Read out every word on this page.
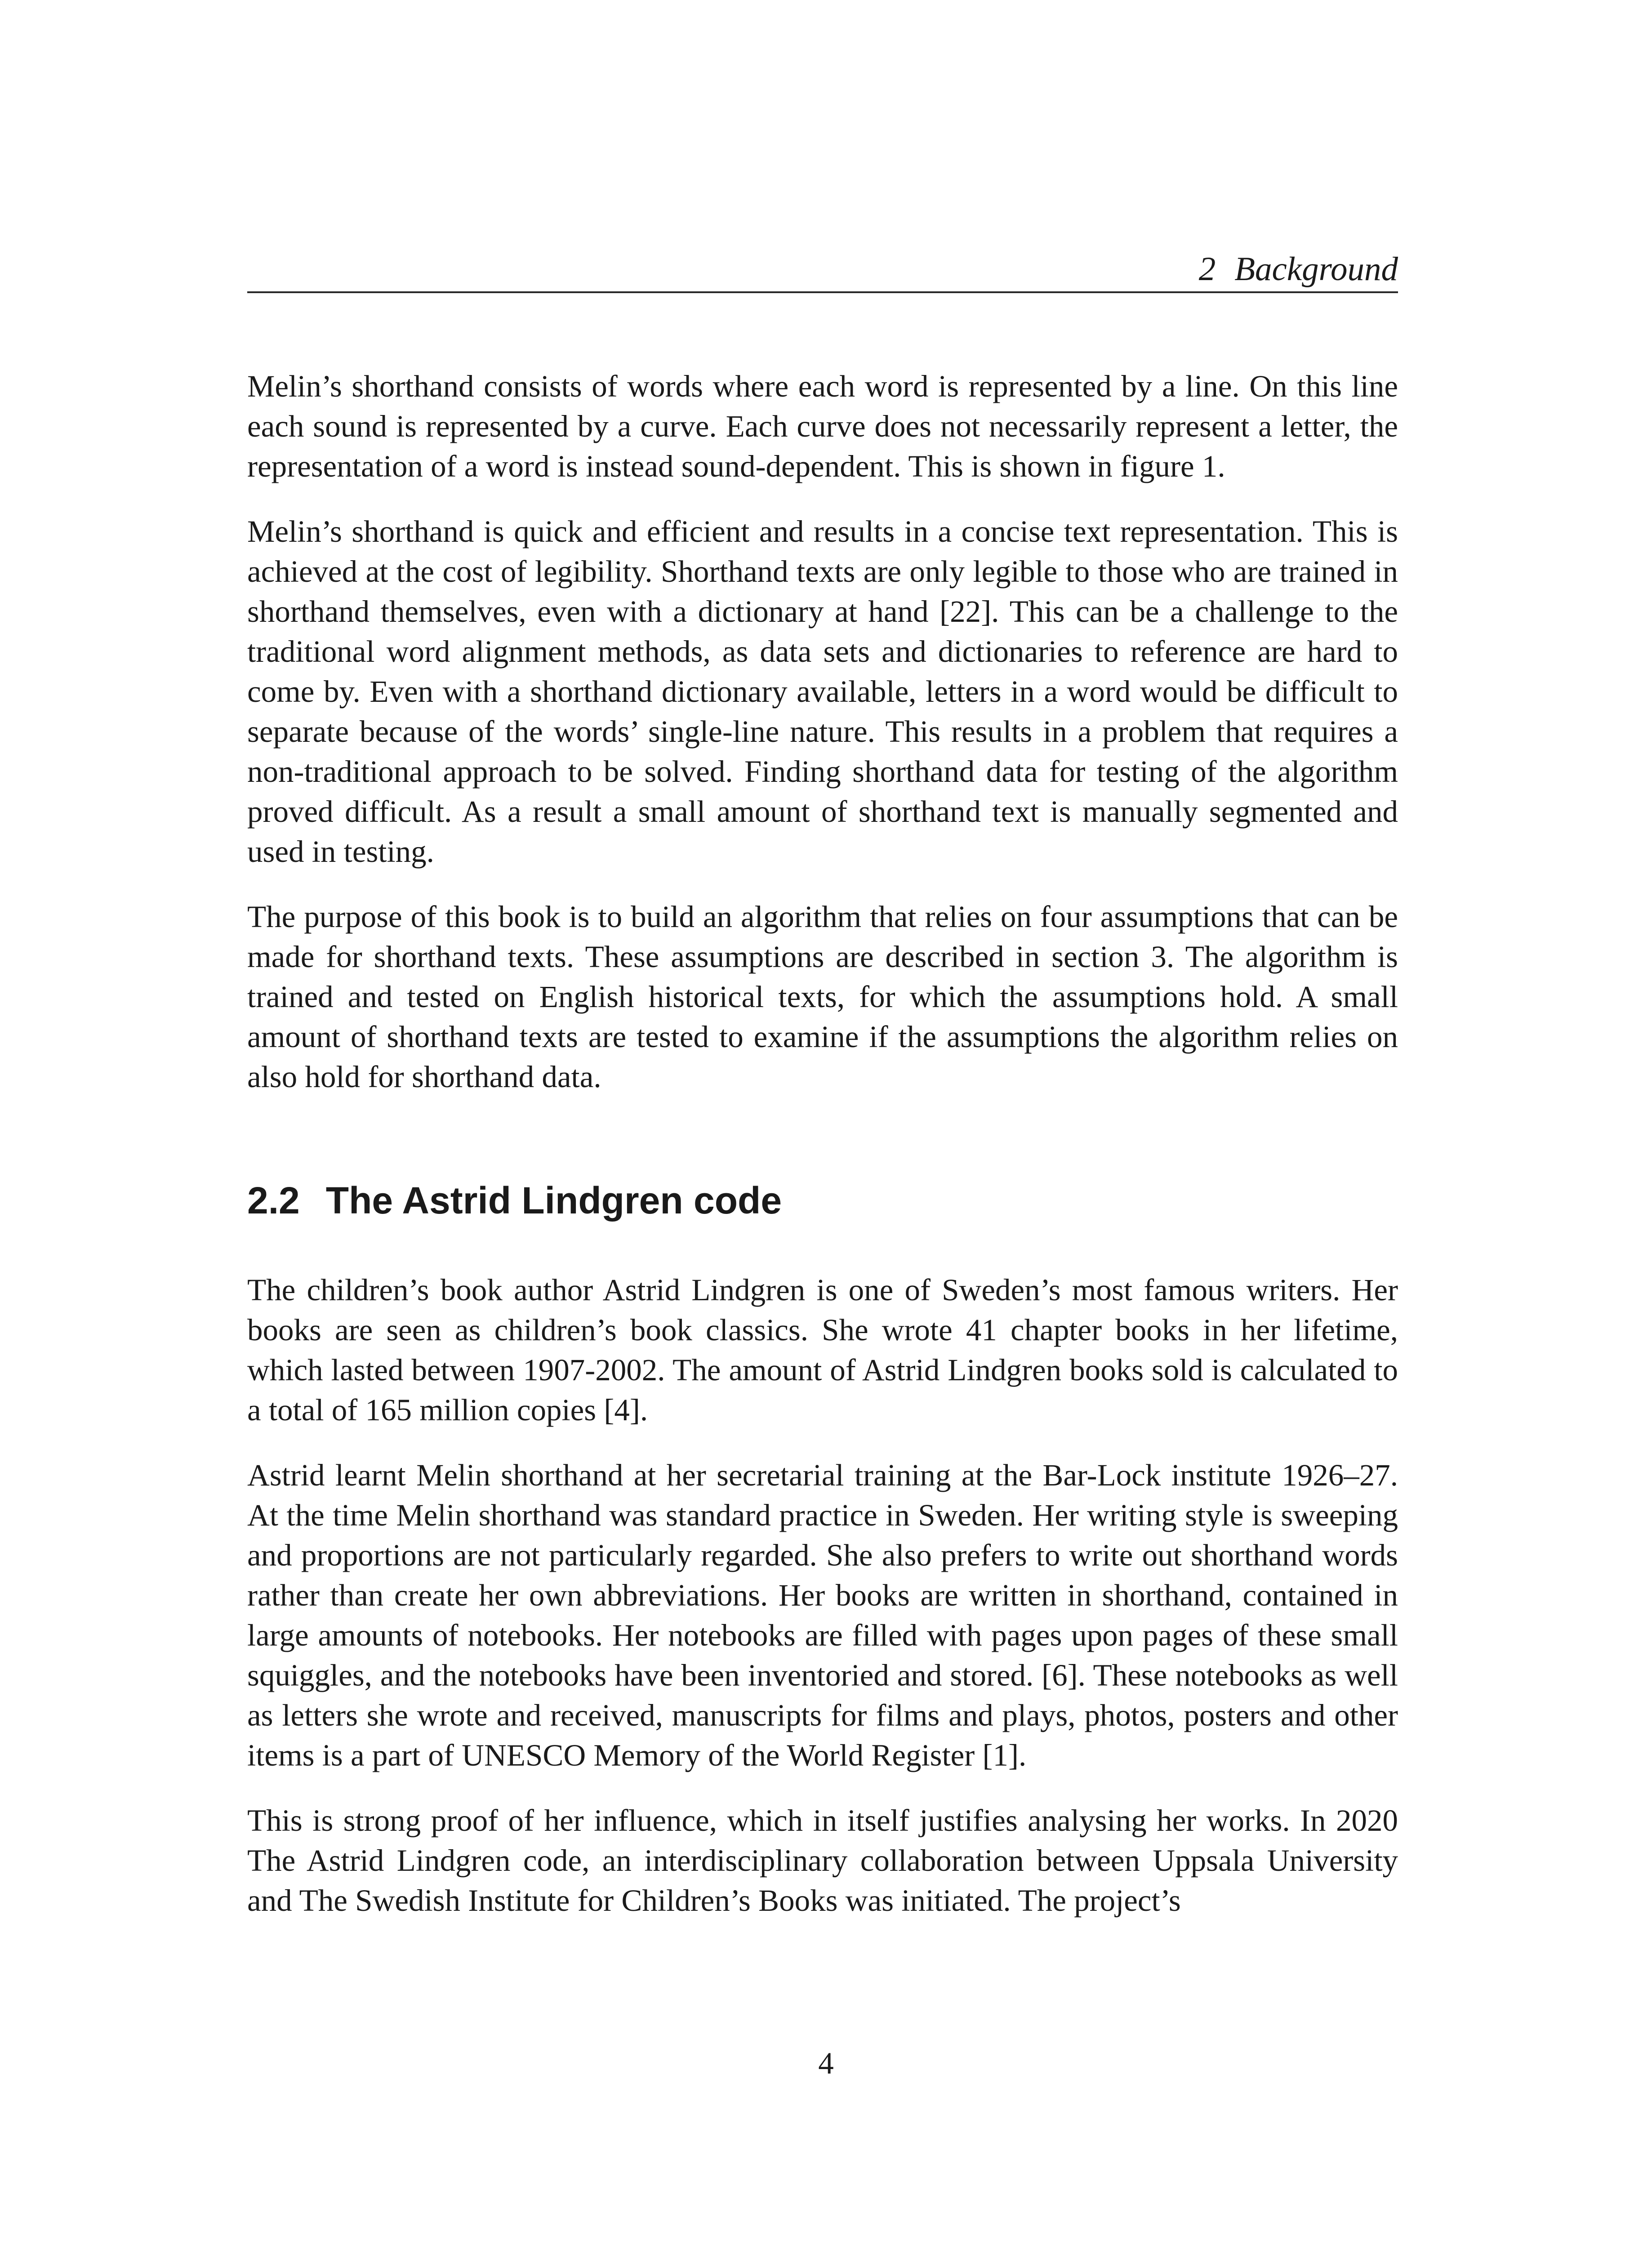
2 Background

Melin’s shorthand consists of words where each word is represented by a line. On this line each sound is represented by a curve. Each curve does not necessarily represent a letter, the representation of a word is instead sound-dependent. This is shown in figure 1.

Melin’s shorthand is quick and efficient and results in a concise text representation. This is achieved at the cost of legibility. Shorthand texts are only legible to those who are trained in shorthand themselves, even with a dictionary at hand [22]. This can be a challenge to the traditional word alignment methods, as data sets and dictionaries to reference are hard to come by. Even with a shorthand dictionary available, letters in a word would be difficult to separate because of the words’ single-line nature. This results in a problem that requires a non-traditional approach to be solved. Finding shorthand data for testing of the algorithm proved difficult. As a result a small amount of shorthand text is manually segmented and used in testing.

The purpose of this book is to build an algorithm that relies on four assumptions that can be made for shorthand texts. These assumptions are described in section 3. The algorithm is trained and tested on English historical texts, for which the assumptions hold. A small amount of shorthand texts are tested to examine if the assumptions the algorithm relies on also hold for shorthand data.

2.2 The Astrid Lindgren code

The children’s book author Astrid Lindgren is one of Sweden’s most famous writers. Her books are seen as children’s book classics. She wrote 41 chapter books in her lifetime, which lasted between 1907-2002. The amount of Astrid Lindgren books sold is calculated to a total of 165 million copies [4].

Astrid learnt Melin shorthand at her secretarial training at the Bar-Lock institute 1926–27. At the time Melin shorthand was standard practice in Sweden. Her writing style is sweeping and proportions are not particularly regarded. She also prefers to write out shorthand words rather than create her own abbreviations. Her books are written in shorthand, contained in large amounts of notebooks. Her notebooks are filled with pages upon pages of these small squiggles, and the notebooks have been inventoried and stored. [6]. These notebooks as well as letters she wrote and received, manuscripts for films and plays, photos, posters and other items is a part of UNESCO Memory of the World Register [1].

This is strong proof of her influence, which in itself justifies analysing her works. In 2020 The Astrid Lindgren code, an interdisciplinary collaboration between Uppsala University and The Swedish Institute for Children’s Books was initiated. The project’s

4
